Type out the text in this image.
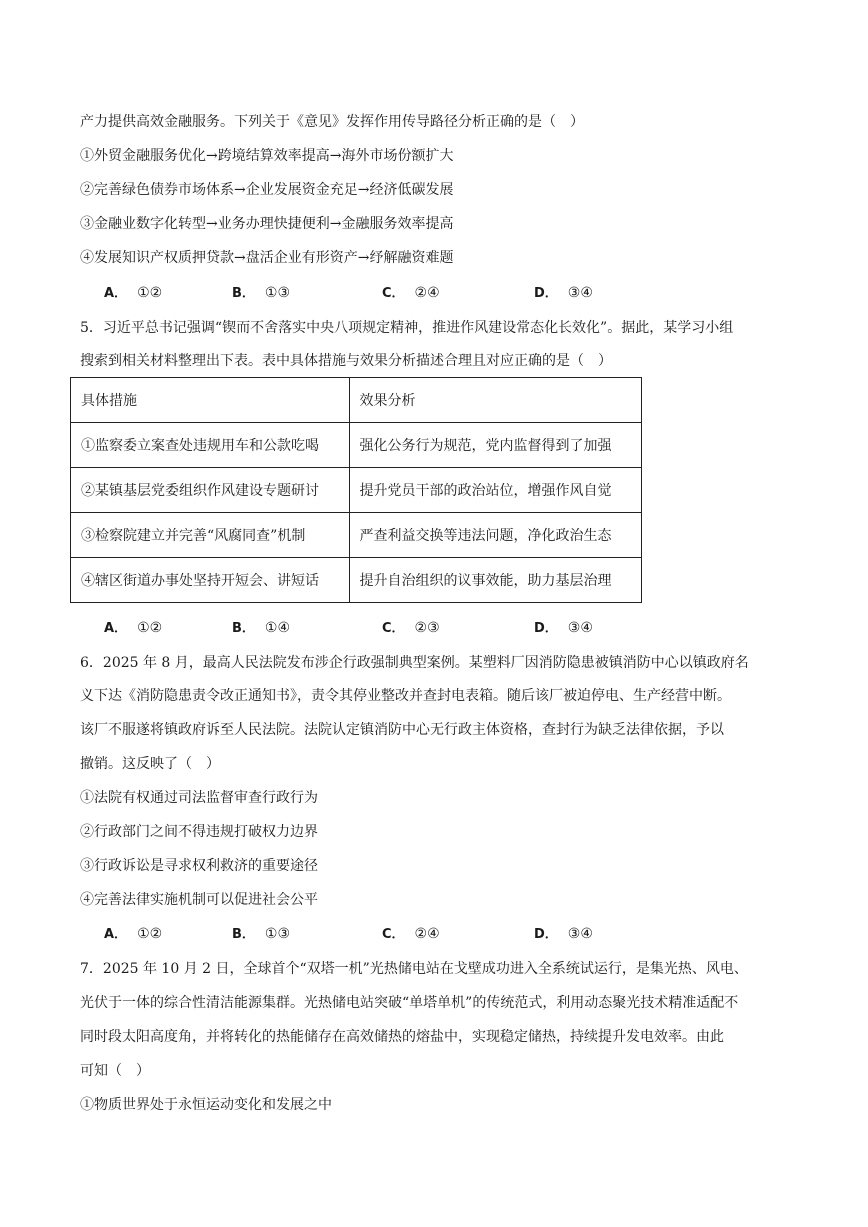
产力提供高效金融服务。下列关于《意见》发挥作用传导路径分析正确的是（　）
①外贸金融服务优化→跨境结算效率提高→海外市场份额扩大
②完善绿色债券市场体系→企业发展资金充足→经济低碳发展
③金融业数字化转型→业务办理快捷便利→金融服务效率提高
④发展知识产权质押贷款→盘活企业有形资产→纾解融资难题
A． ①②	B． ①③	C． ②④	D． ③④
5．习近平总书记强调“锲而不舍落实中央八项规定精神，推进作风建设常态化长效化”。据此，某学习小组
搜索到相关材料整理出下表。表中具体措施与效果分析描述合理且对应正确的是（　）
具体措施	效果分析
①监察委立案查处违规用车和公款吃喝	强化公务行为规范，党内监督得到了加强
②某镇基层党委组织作风建设专题研讨	提升党员干部的政治站位，增强作风自觉
③检察院建立并完善“风腐同查”机制	严查利益交换等违法问题，净化政治生态
④辖区街道办事处坚持开短会、讲短话	提升自治组织的议事效能，助力基层治理
A． ①②	B． ①④	C． ②③	D． ③④
6．2025 年 8 月，最高人民法院发布涉企行政强制典型案例。某塑料厂因消防隐患被镇消防中心以镇政府名
义下达《消防隐患责令改正通知书》，责令其停业整改并查封电表箱。随后该厂被迫停电、生产经营中断。
该厂不服遂将镇政府诉至人民法院。法院认定镇消防中心无行政主体资格，查封行为缺乏法律依据，予以
撤销。这反映了（　）
①法院有权通过司法监督审查行政行为
②行政部门之间不得违规打破权力边界
③行政诉讼是寻求权利救济的重要途径
④完善法律实施机制可以促进社会公平
A． ①②	B． ①③	C． ②④	D． ③④
7．2025 年 10 月 2 日，全球首个“双塔一机”光热储电站在戈壁成功进入全系统试运行，是集光热、风电、
光伏于一体的综合性清洁能源集群。光热储电站突破“单塔单机”的传统范式，利用动态聚光技术精准适配不
同时段太阳高度角，并将转化的热能储存在高效储热的熔盐中，实现稳定储热，持续提升发电效率。由此
可知（　）
①物质世界处于永恒运动变化和发展之中
